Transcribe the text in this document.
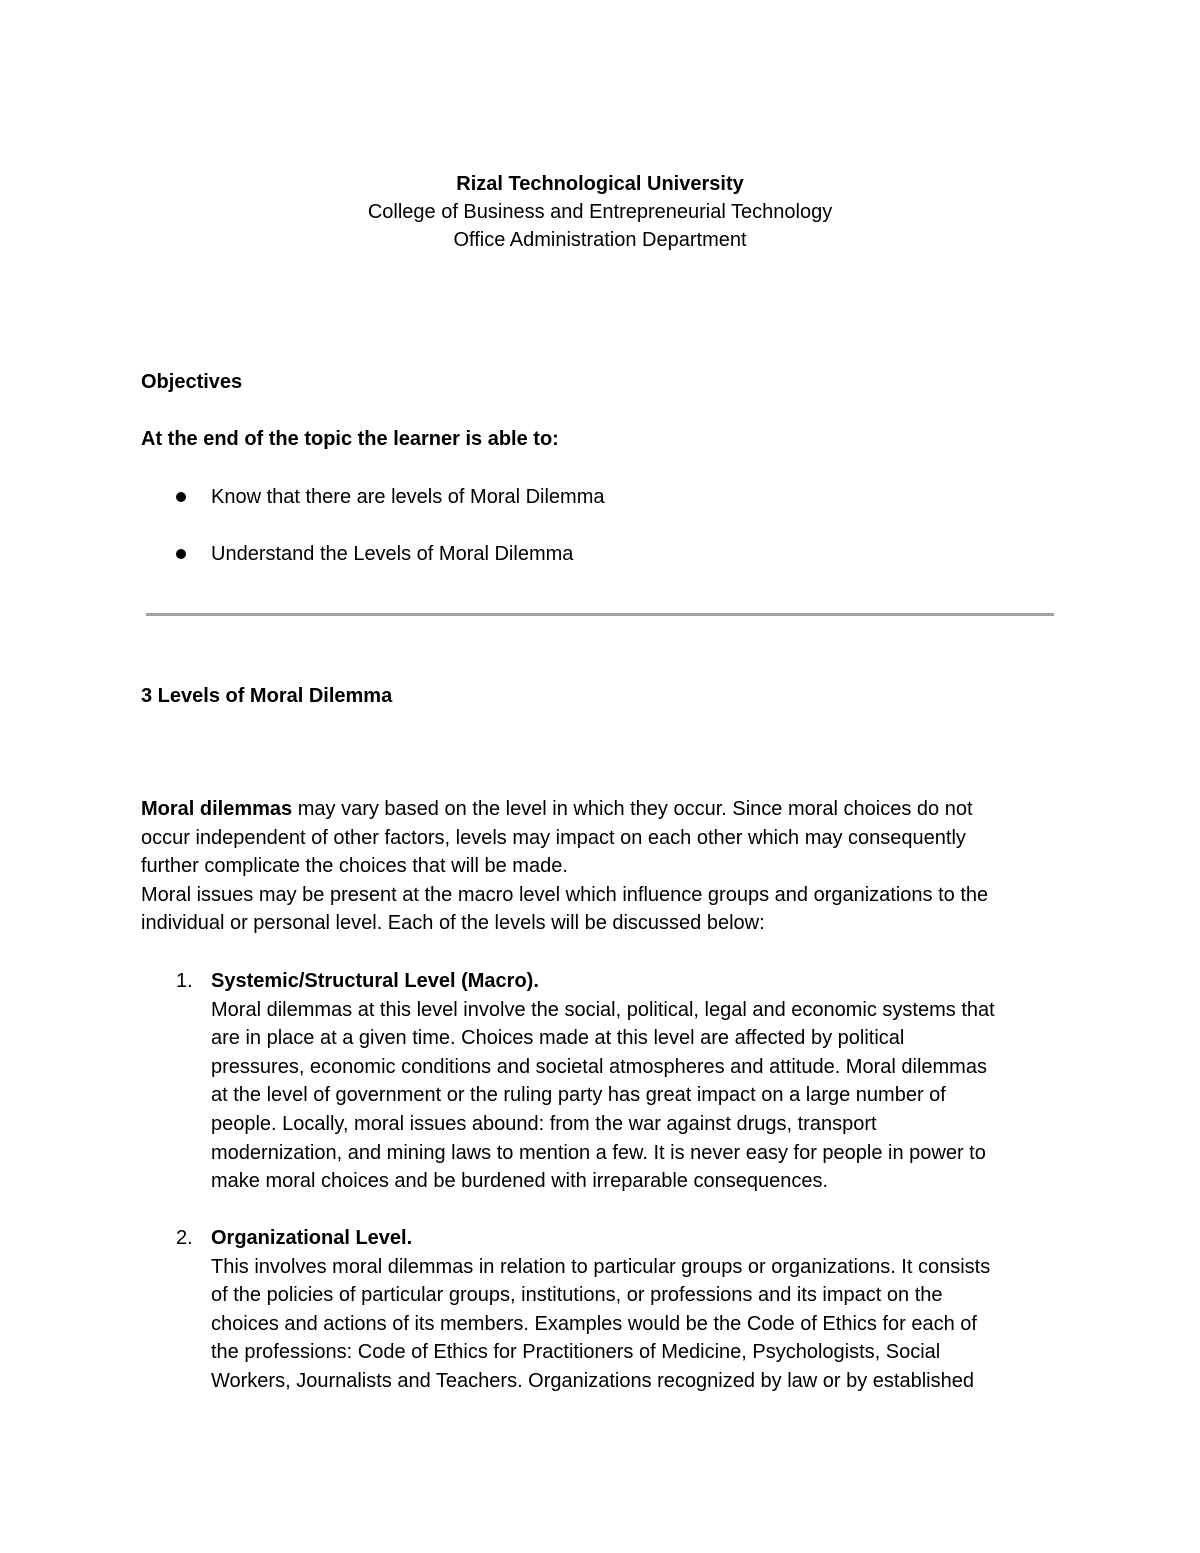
Rizal Technological University
College of Business and Entrepreneurial Technology
Office Administration Department
Objectives
At the end of the topic the learner is able to:
Know that there are levels of Moral Dilemma
Understand the Levels of Moral Dilemma
3 Levels of Moral Dilemma
Moral dilemmas may vary based on the level in which they occur. Since moral choices do not
occur independent of other factors, levels may impact on each other which may consequently
further complicate the choices that will be made.
Moral issues may be present at the macro level which influence groups and organizations to the
individual or personal level. Each of the levels will be discussed below:
1. Systemic/Structural Level (Macro).
Moral dilemmas at this level involve the social, political, legal and economic systems that
are in place at a given time. Choices made at this level are affected by political
pressures, economic conditions and societal atmospheres and attitude. Moral dilemmas
at the level of government or the ruling party has great impact on a large number of
people. Locally, moral issues abound: from the war against drugs, transport
modernization, and mining laws to mention a few. It is never easy for people in power to
make moral choices and be burdened with irreparable consequences.
2. Organizational Level.
This involves moral dilemmas in relation to particular groups or organizations. It consists
of the policies of particular groups, institutions, or professions and its impact on the
choices and actions of its members. Examples would be the Code of Ethics for each of
the professions: Code of Ethics for Practitioners of Medicine, Psychologists, Social
Workers, Journalists and Teachers. Organizations recognized by law or by established
